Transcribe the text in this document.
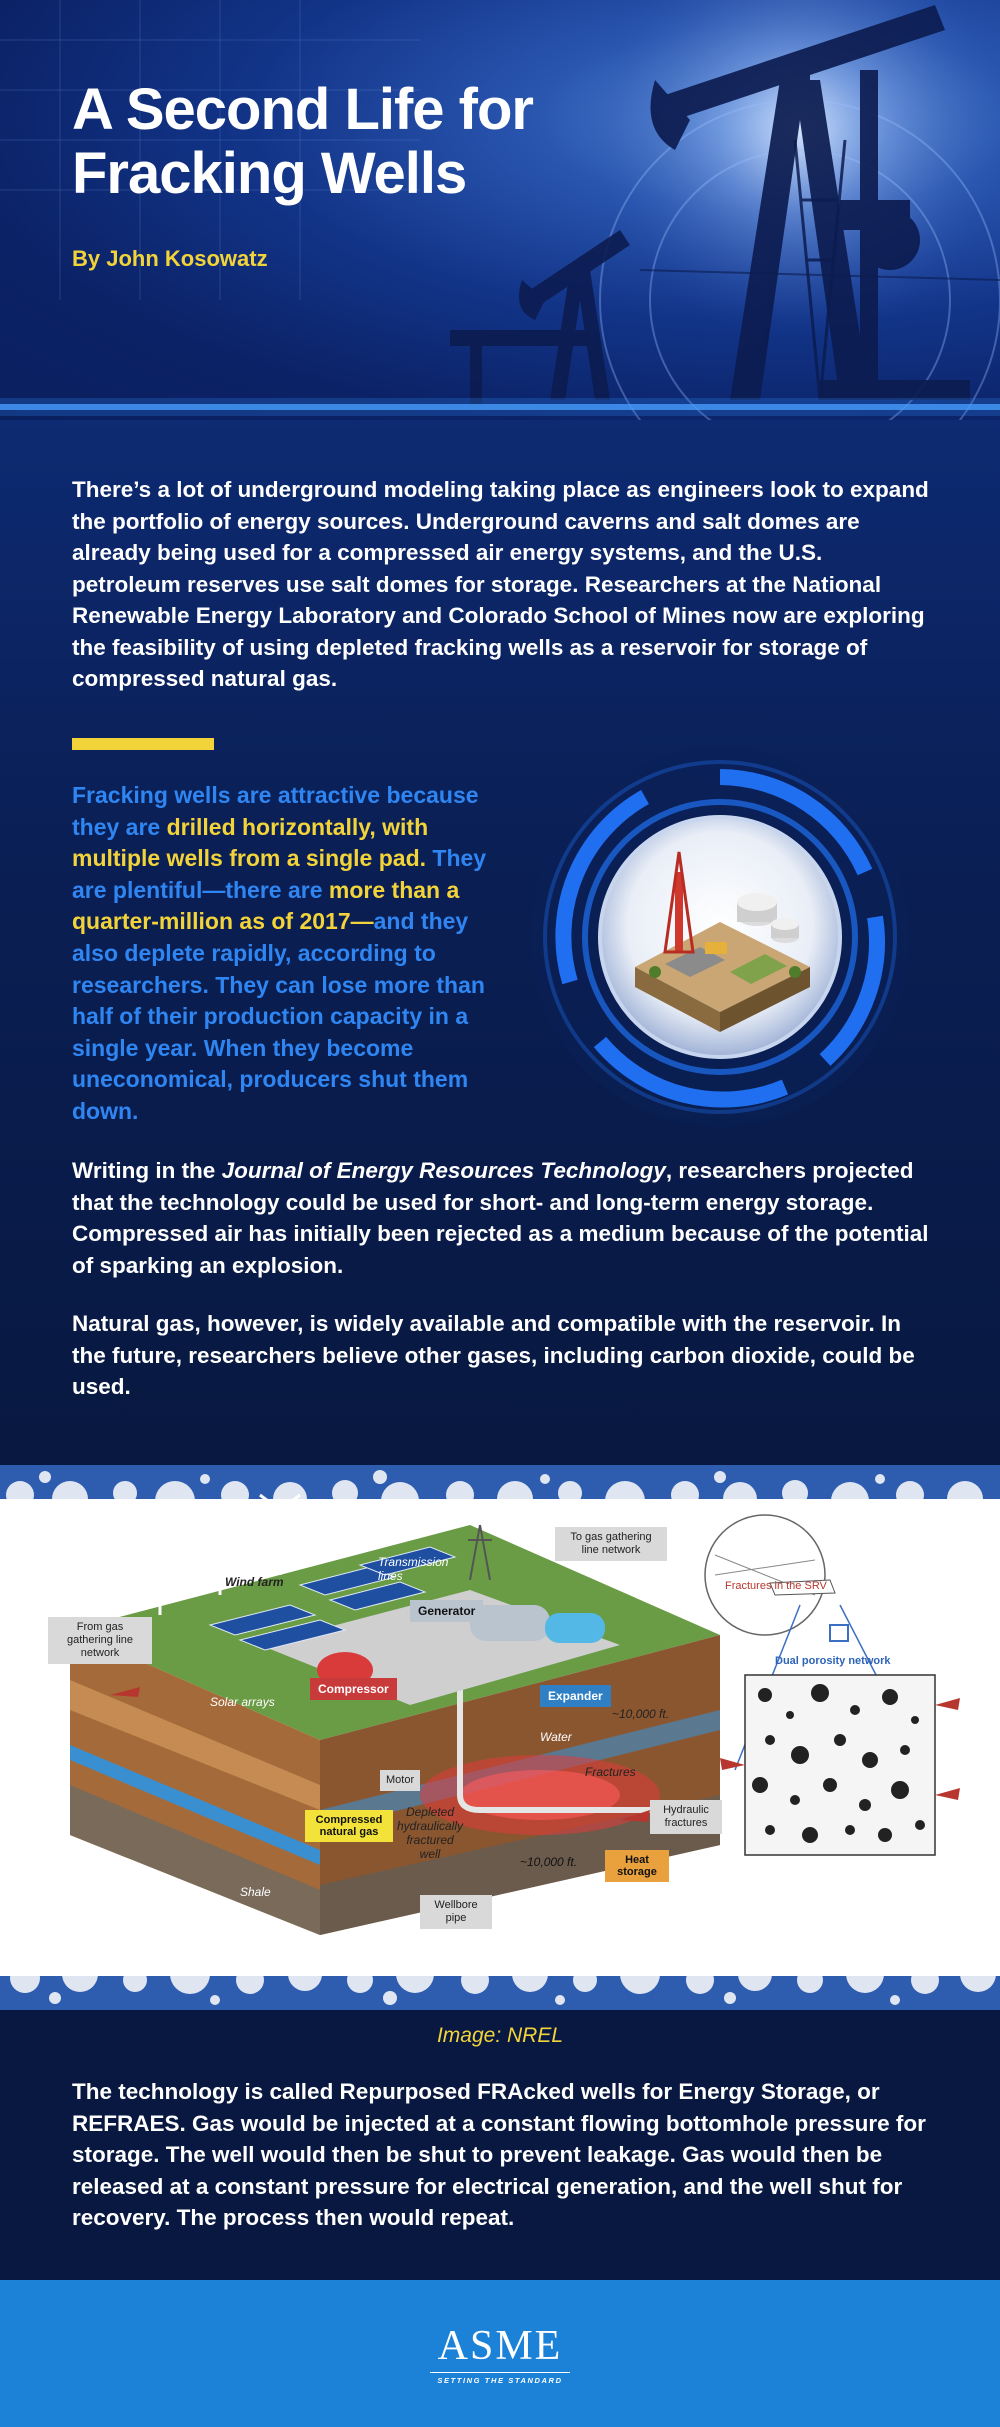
A Second Life for Fracking Wells
By John Kosowatz

There’s a lot of underground modeling taking place as engineers look to expand the portfolio of energy sources. Underground caverns and salt domes are already being used for a compressed air energy systems, and the U.S. petroleum reserves use salt domes for storage. Researchers at the National Renewable Energy Laboratory and Colorado School of Mines now are exploring the feasibility of using depleted fracking wells as a reservoir for storage of compressed natural gas.

Fracking wells are attractive because they are drilled horizontally, with multiple wells from a single pad. They are plentiful—there are more than a quarter-million as of 2017—and they also deplete rapidly, according to researchers. They can lose more than half of their production capacity in a single year. When they become uneconomical, producers shut them down.

Writing in the Journal of Energy Resources Technology, researchers projected that the technology could be used for short- and long-term energy storage. Compressed air has initially been rejected as a medium because of the potential of sparking an explosion.

Natural gas, however, is widely available and compatible with the reservoir. In the future, researchers believe other gases, including carbon dioxide, could be used.

To gas gathering line network
From gas gathering line network
Wind farm
Transmission lines
Generator
Compressor	Expander
Solar arrays
Motor
Water
~10,000 ft.
Fractures
Hydraulic fractures
Heat storage
Compressed natural gas
Depleted hydraulically fractured well
~10,000 ft.
Shale
Wellbore pipe
Fractures in the SRV
Dual porosity network
Image: NREL

The technology is called Repurposed FRAcked wells for Energy Storage, or REFRAES. Gas would be injected at a constant flowing bottomhole pressure for storage. The well would then be shut to prevent leakage. Gas would then be released at a constant pressure for electrical generation, and the well shut for recovery. The process then would repeat.

ASME
SETTING THE STANDARD
